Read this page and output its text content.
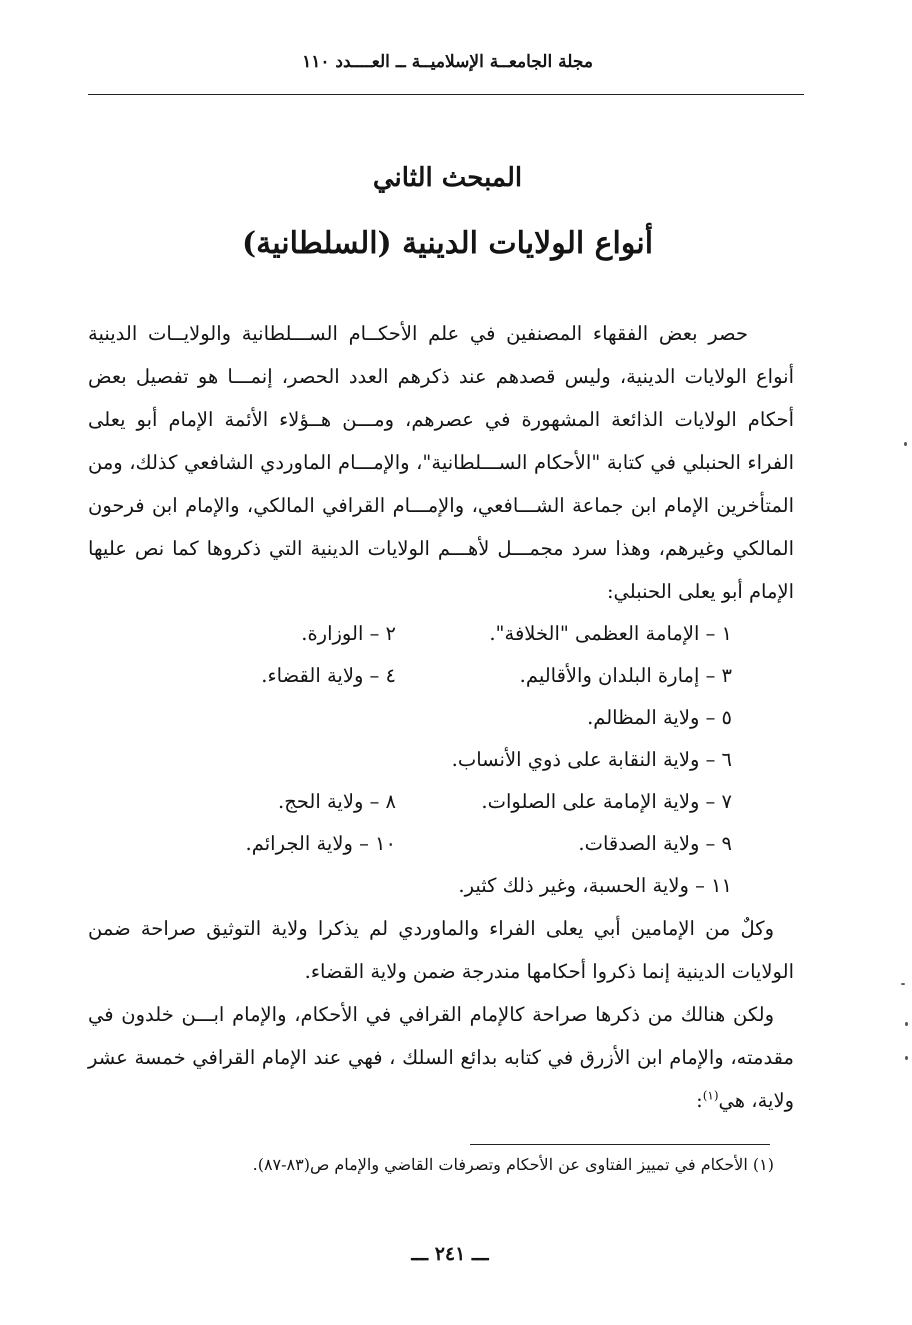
مجلة الجامعــة الإسلاميــة ــ العــــدد ١١٠
المبحث الثاني
أنواع الولايات الدينية (السلطانية)

حصر بعض الفقهاء المصنفين في علم الأحكــام الســـلطانية والولايــات الدينية أنواع الولايات الدينية، وليس قصدهم عند ذكرهم العدد الحصر، إنمـــا هو تفصيل بعض أحكام الولايات الذائعة المشهورة في عصرهم، ومـــن هــؤلاء الأئمة الإمام أبو يعلى الفراء الحنبلي في كتابة "الأحكام الســـلطانية"، والإمـــام الماوردي الشافعي كذلك، ومن المتأخرين الإمام ابن جماعة الشـــافعي، والإمـــام القرافي المالكي، والإمام ابن فرحون المالكي وغيرهم، وهذا سرد مجمـــل لأهـــم الولايات الدينية التي ذكروها كما نص عليها الإمام أبو يعلى الحنبلي:

١ – الإمامة العظمى "الخلافة".
٢ – الوزارة.
٣ – إمارة البلدان والأقاليم.
٤ – ولاية القضاء.
٥ – ولاية المظالم.
٦ – ولاية النقابة على ذوي الأنساب.
٧ – ولاية الإمامة على الصلوات.
٨ – ولاية الحج.
٩ – ولاية الصدقات.
١٠ – ولاية الجرائم.
١١ – ولاية الحسبة، وغير ذلك كثير.

وكلٌ من الإمامين أبي يعلى الفراء والماوردي لم يذكرا ولاية التوثيق صراحة ضمن الولايات الدينية إنما ذكروا أحكامها مندرجة ضمن ولاية القضاء.

ولكن هنالك من ذكرها صراحة كالإمام القرافي في الأحكام، والإمام ابـــن خلدون في مقدمته، والإمام ابن الأزرق في كتابه بدائع السلك ، فهي عند الإمام القرافي خمسة عشر ولاية، هي$^{(١)}$:

(١) الأحكام في تمييز الفتاوى عن الأحكام وتصرفات القاضي والإمام ص(٨٣-٨٧).
ـــ ٢٤١ ـــ
